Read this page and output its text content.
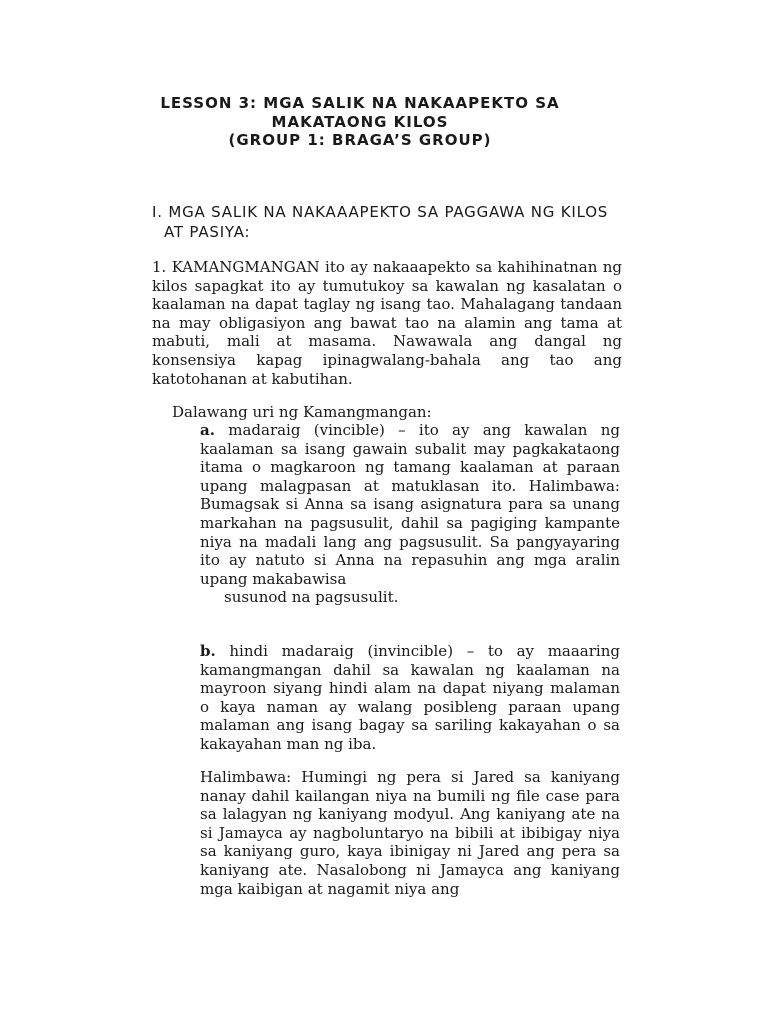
LESSON 3: MGA SALIK NA NAKAAPEKTO SA
MAKATAONG KILOS
(GROUP 1: BRAGA’S GROUP)
I. MGA SALIK NA NAKAAAPEKTO SA PAGGAWA NG KILOS
AT PASIYA:
1. KAMANGMANGAN ito ay nakaaapekto sa kahihinatnan ng kilos sapagkat ito ay tumutukoy sa kawalan ng kasalatan o kaalaman na dapat taglay ng isang tao. Mahalagang tandaan na may obligasiyon ang bawat tao na alamin ang tama at mabuti, mali at masama. Nawawala ang dangal ng konsensiya kapag ipinagwalang-bahala ang tao ang katotohanan at kabutihan.
Dalawang uri ng Kamangmangan:
a. madaraig (vincible) – ito ay ang kawalan ng kaalaman sa isang gawain subalit may pagkakataong itama o magkaroon ng tamang kaalaman at paraan upang malagpasan at matuklasan ito. Halimbawa: Bumagsak si Anna sa isang asignatura para sa unang markahan na pagsusulit, dahil sa pagiging kampante niya na madali lang ang pagsusulit. Sa pangyayaring ito ay natuto si Anna na repasuhin ang mga aralin upang makabawisa
susunod na pagsusulit.
b. hindi madaraig (invincible) – to ay maaaring kamangmangan dahil sa kawalan ng kaalaman na mayroon siyang hindi alam na dapat niyang malaman o kaya naman ay walang posibleng paraan upang malaman ang isang bagay sa sariling kakayahan o sa kakayahan man ng iba.
Halimbawa: Humingi ng pera si Jared sa kaniyang nanay dahil kailangan niya na bumili ng file case para sa lalagyan ng kaniyang modyul. Ang kaniyang ate na si Jamayca ay nagboluntaryo na bibili at ibibigay niya sa kaniyang guro, kaya ibinigay ni Jared ang pera sa kaniyang ate. Nasalobong ni Jamayca ang kaniyang mga kaibigan at nagamit niya ang
